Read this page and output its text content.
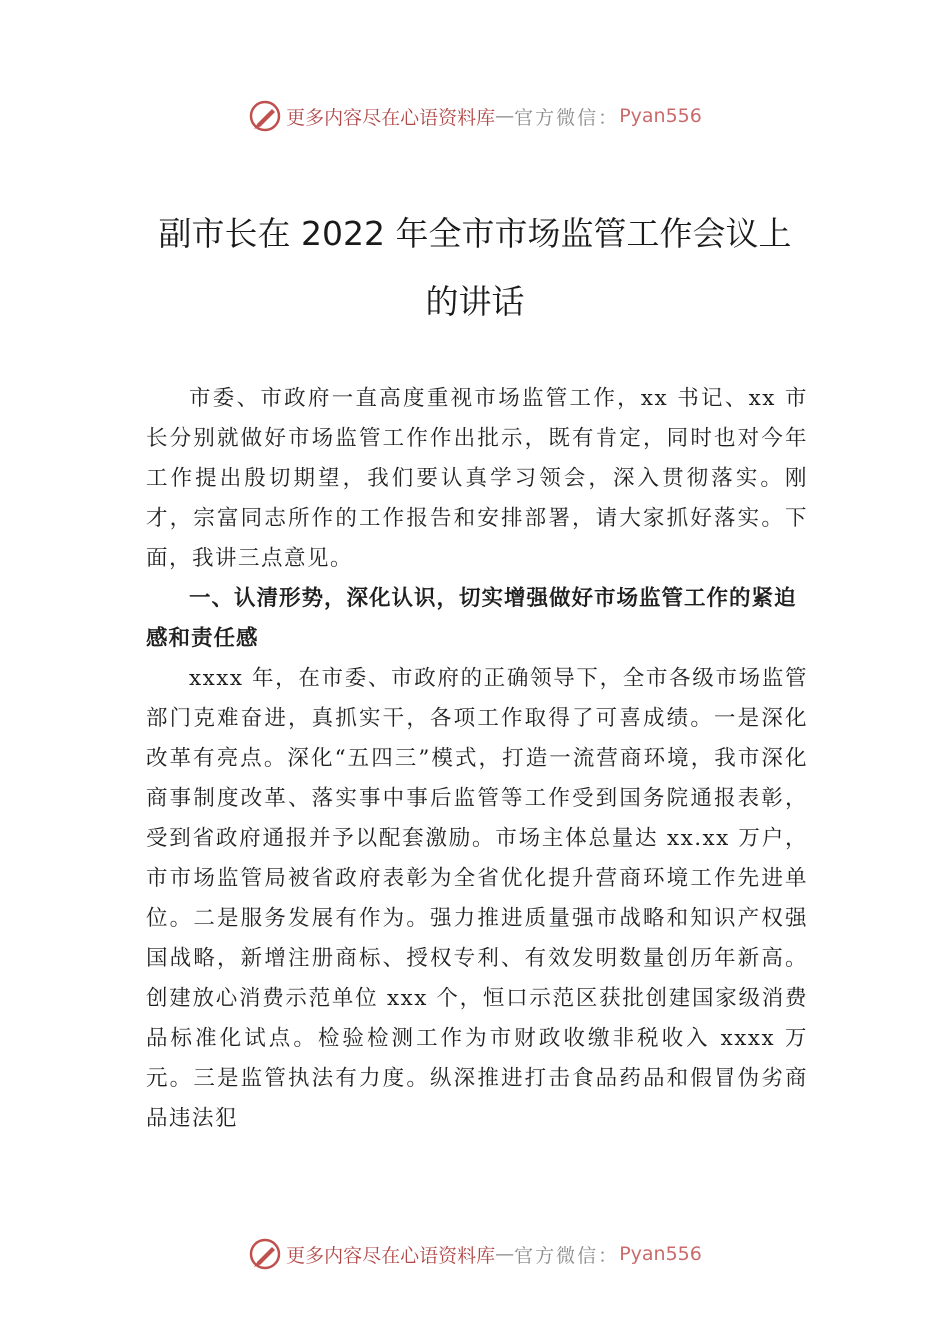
更多内容尽在心语资料库 — 官方微信： Pyan556
副市长在 2022 年全市市场监管工作会议上
的讲话

市委、市政府一直高度重视市场监管工作，xx 书记、xx 市长分别就做好市场监管工作作出批示，既有肯定，同时也对今年工作提出殷切期望，我们要认真学习领会，深入贯彻落实。刚才，宗富同志所作的工作报告和安排部署，请大家抓好落实。下面，我讲三点意见。

一、认清形势，深化认识，切实增强做好市场监管工作的紧迫感和责任感

xxxx 年，在市委、市政府的正确领导下，全市各级市场监管部门克难奋进，真抓实干，各项工作取得了可喜成绩。一是深化改革有亮点。深化“五四三”模式，打造一流营商环境，我市深化商事制度改革、落实事中事后监管等工作受到国务院通报表彰，受到省政府通报并予以配套激励。市场主体总量达 xx.xx 万户，市市场监管局被省政府表彰为全省优化提升营商环境工作先进单位。二是服务发展有作为。强力推进质量强市战略和知识产权强国战略，新增注册商标、授权专利、有效发明数量创历年新高。创建放心消费示范单位 xxx 个，恒口示范区获批创建国家级消费品标准化试点。检验检测工作为市财政收缴非税收入 xxxx 万元。三是监管执法有力度。纵深推进打击食品药品和假冒伪劣商品违法犯

更多内容尽在心语资料库 — 官方微信： Pyan556
